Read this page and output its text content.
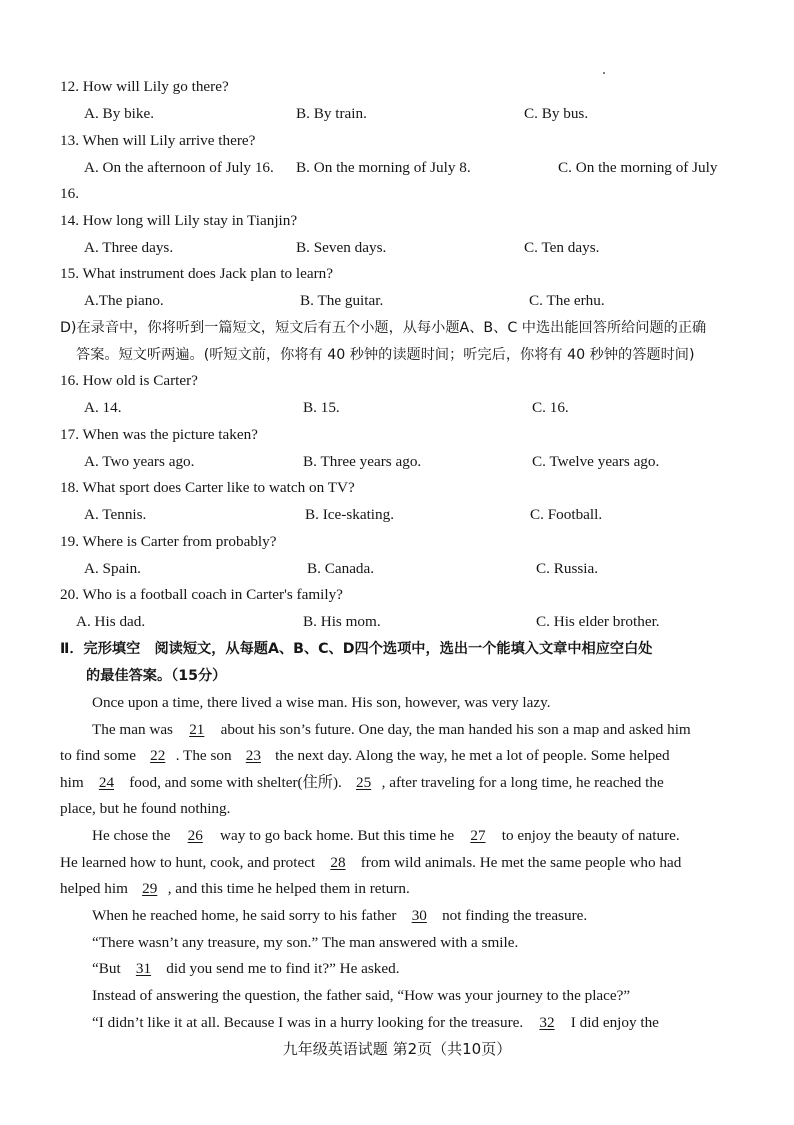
12. How will Lily go there?
A. By bike.	B. By train.	C. By bus.
13. When will Lily arrive there?
A. On the afternoon of July 16. B. On the morning of July 8.	C. On the morning of July
16.
14. How long will Lily stay in Tianjin?
A. Three days.	B. Seven days.	C. Ten days.
15. What instrument does Jack plan to learn?
A.The piano.	B. The guitar.	C. The erhu.
D)在录音中，你将听到一篇短文，短文后有五个小题，从每小题A、B、C 中选出能回答所给问题的正确
答案。短文听两遍。(听短文前，你将有 40 秒钟的读题时间；听完后，你将有 40 秒钟的答题时间)
16. How old is Carter?
A. 14.	B. 15.	C. 16.
17. When was the picture taken?
A. Two years ago.	B. Three years ago.	C. Twelve years ago.
18. What sport does Carter like to watch on TV?
A. Tennis.	B. Ice-skating.	C. Football.
19. Where is Carter from probably?
A. Spain.	B. Canada.	C. Russia.
20. Who is a football coach in Carter's family?
A. His dad.	B. His mom.	C. His elder brother.
Ⅱ．完形填空　阅读短文，从每题A、B、C、D四个选项中，选出一个能填入文章中相应空白处
的最佳答案。（15分）
Once upon a time, there lived a wise man. His son, however, was very lazy.
The man was 21 about his son’s future. One day, the man handed his son a map and asked him
to find some 22 . The son 23 the next day. Along the way, he met a lot of people. Some helped
him 24 food, and some with shelter(住所). 25 , after traveling for a long time, he reached the
place, but he found nothing.
He chose the 26 way to go back home. But this time he 27 to enjoy the beauty of nature.
He learned how to hunt, cook, and protect 28 from wild animals. He met the same people who had
helped him 29 , and this time he helped them in return.
When he reached home, he said sorry to his father 30 not finding the treasure.
“There wasn’t any treasure, my son.” The man answered with a smile.
“But 31 did you send me to find it?” He asked.
Instead of answering the question, the father said, “How was your journey to the place?”
“I didn’t like it at all. Because I was in a hurry looking for the treasure. 32 I did enjoy the
九年级英语试题 第2页（共10页）
